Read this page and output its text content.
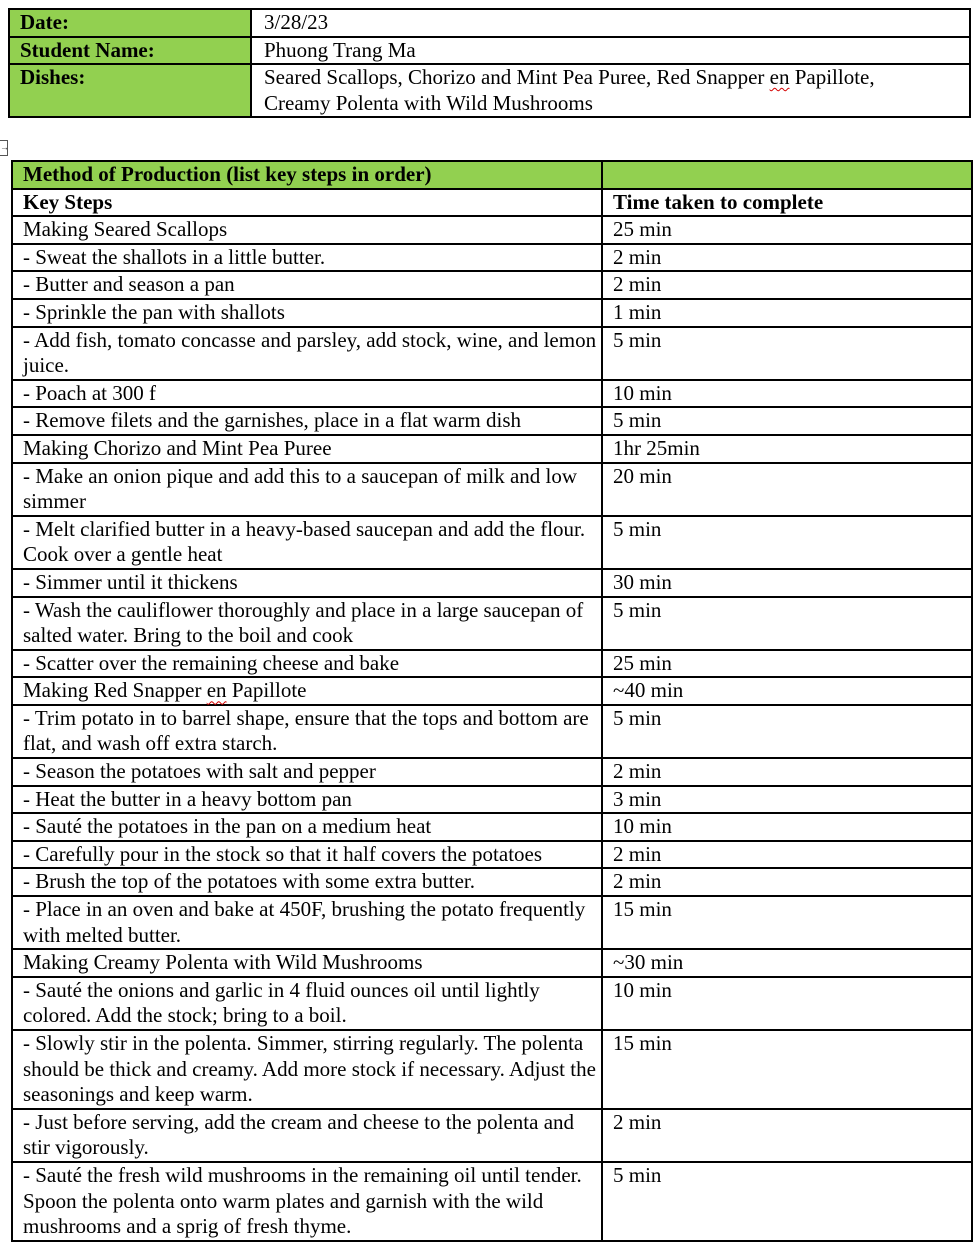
Date:	3/28/23
Student Name:	Phuong Trang Ma
Dishes:	Seared Scallops, Chorizo and Mint Pea Puree, Red Snapper en Papillote,
Creamy Polenta with Wild Mushrooms
→
Method of Production (list key steps in order)	
Key Steps	Time taken to complete
Making Seared Scallops	25 min
- Sweat the shallots in a little butter.	2 min
- Butter and season a pan	2 min
- Sprinkle the pan with shallots	1 min
- Add fish, tomato concasse and parsley, add stock, wine, and lemon juice.	5 min
- Poach at 300 f	10 min
- Remove filets and the garnishes, place in a flat warm dish	5 min
Making Chorizo and Mint Pea Puree	1hr 25min
- Make an onion pique and add this to a saucepan of milk and low simmer	20 min
- Melt clarified butter in a heavy-based saucepan and add the flour. Cook over a gentle heat	5 min
- Simmer until it thickens	30 min
- Wash the cauliflower thoroughly and place in a large saucepan of salted water. Bring to the boil and cook	5 min
- Scatter over the remaining cheese and bake	25 min
Making Red Snapper en Papillote	~40 min
- Trim potato in to barrel shape, ensure that the tops and bottom are flat, and wash off extra starch.	5 min
- Season the potatoes with salt and pepper	2 min
- Heat the butter in a heavy bottom pan	3 min
- Sauté the potatoes in the pan on a medium heat	10 min
- Carefully pour in the stock so that it half covers the potatoes	2 min
- Brush the top of the potatoes with some extra butter.	2 min
- Place in an oven and bake at 450F, brushing the potato frequently with melted butter.	15 min
Making Creamy Polenta with Wild Mushrooms	~30 min
- Sauté the onions and garlic in 4 fluid ounces oil until lightly colored. Add the stock; bring to a boil.	10 min
- Slowly stir in the polenta. Simmer, stirring regularly. The polenta should be thick and creamy. Add more stock if necessary. Adjust the seasonings and keep warm.	15 min
- Just before serving, add the cream and cheese to the polenta and stir vigorously.	2 min
- Sauté the fresh wild mushrooms in the remaining oil until tender. Spoon the polenta onto warm plates and garnish with the wild mushrooms and a sprig of fresh thyme.	5 min
